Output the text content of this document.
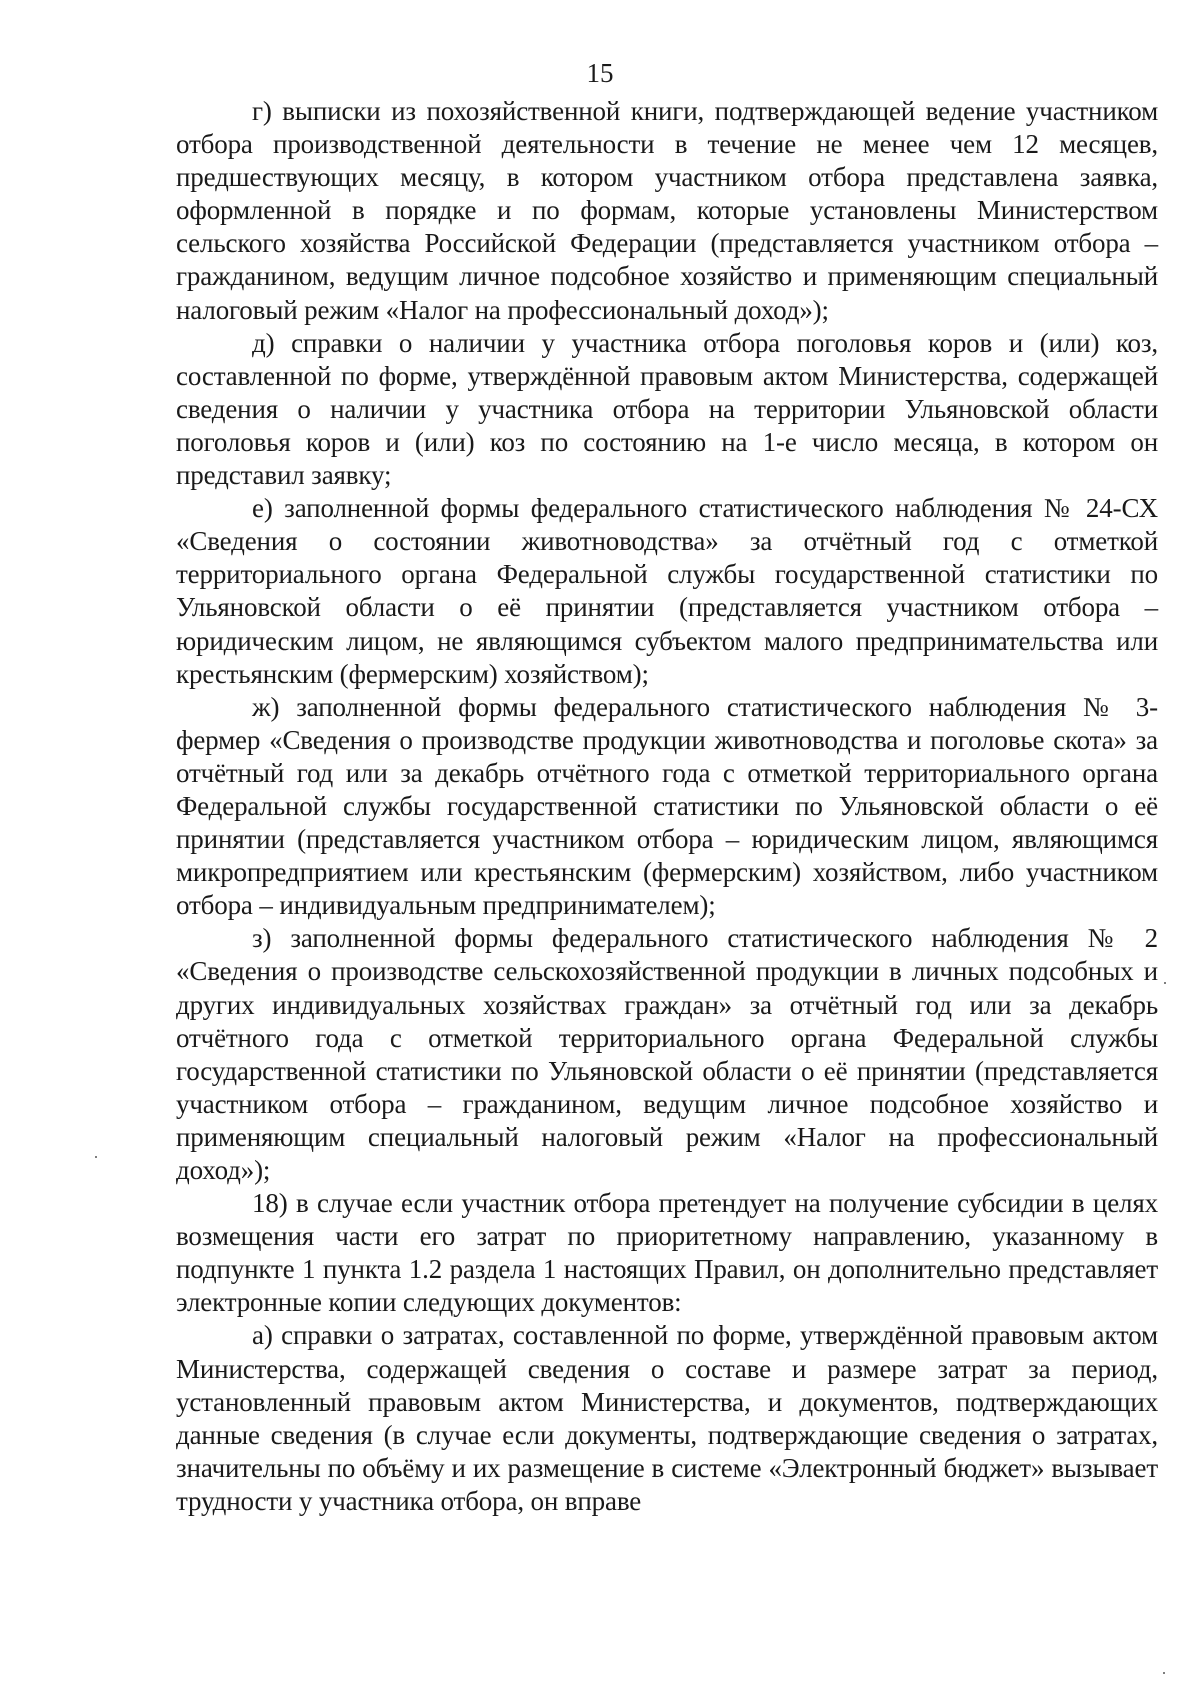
15

г) выписки из похозяйственной книги, подтверждающей ведение участником отбора производственной деятельности в течение не менее чем 12 месяцев, предшествующих месяцу, в котором участником отбора представлена заявка, оформленной в порядке и по формам, которые установлены Министерством сельского хозяйства Российской Федерации (представляется участником отбора – гражданином, ведущим личное подсобное хозяйство и применяющим специальный налоговый режим «Налог на профессиональный доход»);

д) справки о наличии у участника отбора поголовья коров и (или) коз, составленной по форме, утверждённой правовым актом Министерства, содержащей сведения о наличии у участника отбора на территории Ульяновской области поголовья коров и (или) коз по состоянию на 1-е число месяца, в котором он представил заявку;

е) заполненной формы федерального статистического наблюдения № 24-СХ «Сведения о состоянии животноводства» за отчётный год с отметкой территориального органа Федеральной службы государственной статистики по Ульяновской области о её принятии (представляется участником отбора – юридическим лицом, не являющимся субъектом малого предпринимательства или крестьянским (фермерским) хозяйством);

ж) заполненной формы федерального статистического наблюдения № 3-фермер «Сведения о производстве продукции животноводства и поголовье скота» за отчётный год или за декабрь отчётного года с отметкой территориального органа Федеральной службы государственной статистики по Ульяновской области о её принятии (представляется участником отбора – юридическим лицом, являющимся микропредприятием или крестьянским (фермерским) хозяйством, либо участником отбора – индивидуальным предпринимателем);

з) заполненной формы федерального статистического наблюдения № 2 «Сведения о производстве сельскохозяйственной продукции в личных подсобных и других индивидуальных хозяйствах граждан» за отчётный год или за декабрь отчётного года с отметкой территориального органа Федеральной службы государственной статистики по Ульяновской области о её принятии (представляется участником отбора – гражданином, ведущим личное подсобное хозяйство и применяющим специальный налоговый режим «Налог на профессиональный доход»);

18) в случае если участник отбора претендует на получение субсидии в целях возмещения части его затрат по приоритетному направлению, указанному в подпункте 1 пункта 1.2 раздела 1 настоящих Правил, он дополнительно представляет электронные копии следующих документов:

а) справки о затратах, составленной по форме, утверждённой правовым актом Министерства, содержащей сведения о составе и размере затрат за период, установленный правовым актом Министерства, и документов, подтверждающих данные сведения (в случае если документы, подтверждающие сведения о затратах, значительны по объёму и их размещение в системе «Электронный бюджет» вызывает трудности у участника отбора, он вправе
